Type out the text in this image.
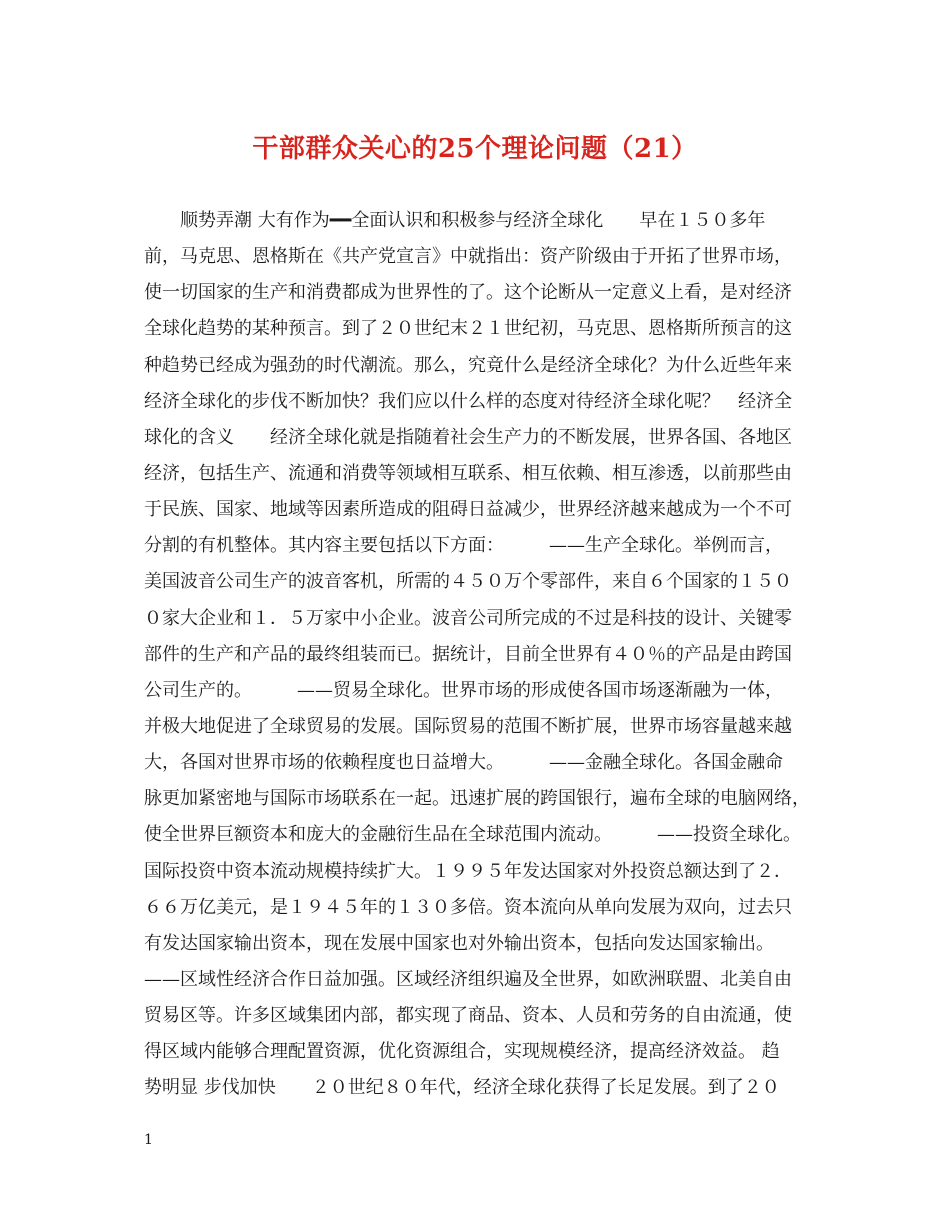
干部群众关心的25个理论问题（21）
　　顺势弄潮 大有作为━━全面认识和积极参与经济全球化　　早在１５０多年
前，马克思、恩格斯在《共产党宣言》中就指出：资产阶级由于开拓了世界市场，
使一切国家的生产和消费都成为世界性的了。这个论断从一定意义上看，是对经济
全球化趋势的某种预言。到了２０世纪末２１世纪初，马克思、恩格斯所预言的这
种趋势已经成为强劲的时代潮流。那么，究竟什么是经济全球化？为什么近些年来
经济全球化的步伐不断加快？我们应以什么样的态度对待经济全球化呢？　经济全
球化的含义　　经济全球化就是指随着社会生产力的不断发展，世界各国、各地区
经济，包括生产、流通和消费等领域相互联系、相互依赖、相互渗透，以前那些由
于民族、国家、地域等因素所造成的阻碍日益减少，世界经济越来越成为一个不可
分割的有机整体。其内容主要包括以下方面：　　　——生产全球化。举例而言，
美国波音公司生产的波音客机，所需的４５０万个零部件，来自６个国家的１５０
０家大企业和１．５万家中小企业。波音公司所完成的不过是科技的设计、关键零
部件的生产和产品的最终组装而已。据统计，目前全世界有４０％的产品是由跨国
公司生产的。　　　——贸易全球化。世界市场的形成使各国市场逐渐融为一体，
并极大地促进了全球贸易的发展。国际贸易的范围不断扩展，世界市场容量越来越
大，各国对世界市场的依赖程度也日益增大。　　　——金融全球化。各国金融命
脉更加紧密地与国际市场联系在一起。迅速扩展的跨国银行，遍布全球的电脑网络，
使全世界巨额资本和庞大的金融衍生品在全球范围内流动。　　　——投资全球化。
国际投资中资本流动规模持续扩大。１９９５年发达国家对外投资总额达到了２．
６６万亿美元，是１９４５年的１３０多倍。资本流向从单向发展为双向，过去只
有发达国家输出资本，现在发展中国家也对外输出资本，包括向发达国家输出。
——区域性经济合作日益加强。区域经济组织遍及全世界，如欧洲联盟、北美自由
贸易区等。许多区域集团内部，都实现了商品、资本、人员和劳务的自由流通，使
得区域内能够合理配置资源，优化资源组合，实现规模经济，提高经济效益。 趋
势明显 步伐加快　　２０世纪８０年代，经济全球化获得了长足发展。到了２０
1
